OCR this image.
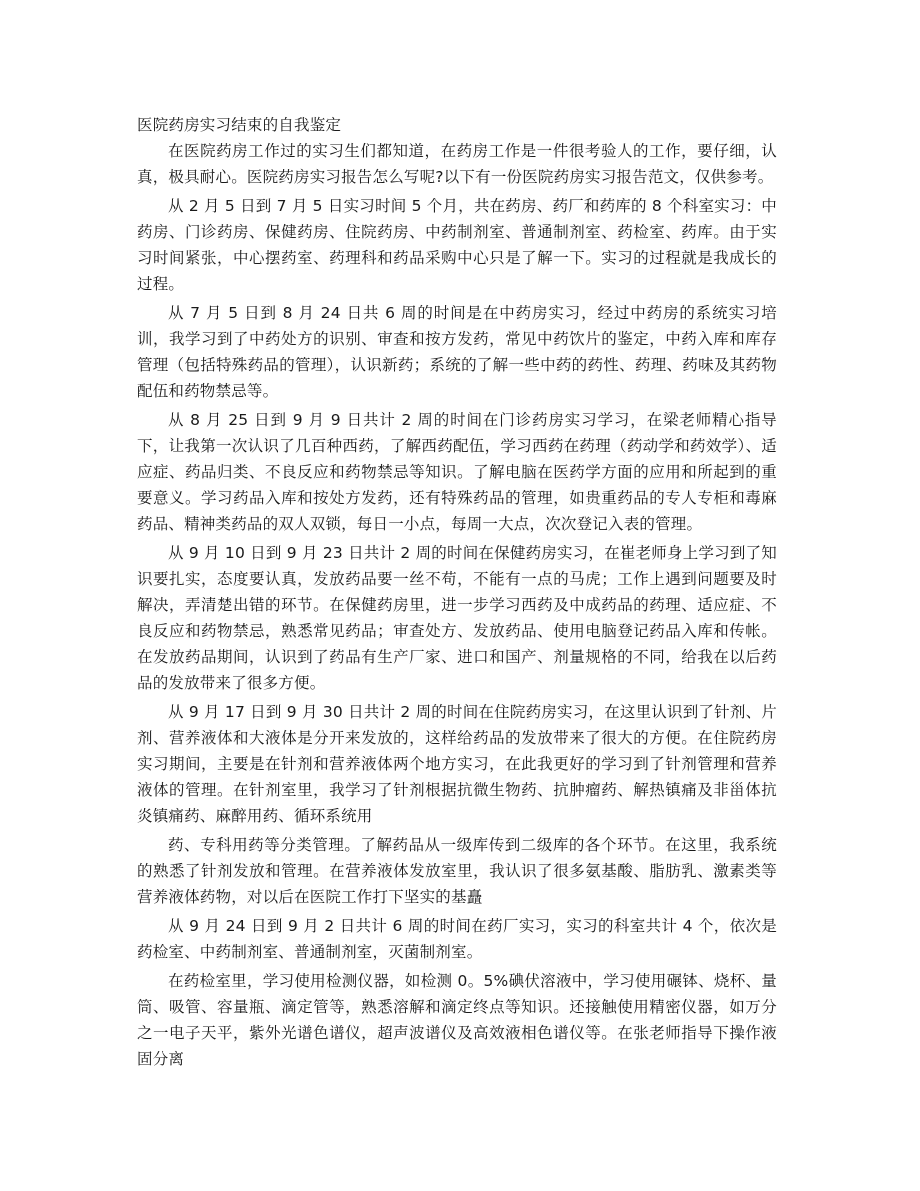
医院药房实习结束的自我鉴定

在医院药房工作过的实习生们都知道，在药房工作是一件很考验人的工作，要仔细，认真，极具耐心。医院药房实习报告怎么写呢?以下有一份医院药房实习报告范文，仅供参考。

从 2 月 5 日到 7 月 5 日实习时间 5 个月，共在药房、药厂和药库的 8 个科室实习：中药房、门诊药房、保健药房、住院药房、中药制剂室、普通制剂室、药检室、药库。由于实习时间紧张，中心摆药室、药理科和药品采购中心只是了解一下。实习的过程就是我成长的过程。

从 7 月 5 日到 8 月 24 日共 6 周的时间是在中药房实习，经过中药房的系统实习培训，我学习到了中药处方的识别、审查和按方发药，常见中药饮片的鉴定，中药入库和库存管理（包括特殊药品的管理），认识新药；系统的了解一些中药的药性、药理、药味及其药物配伍和药物禁忌等。

从 8 月 25 日到 9 月 9 日共计 2 周的时间在门诊药房实习学习，在梁老师精心指导下，让我第一次认识了几百种西药，了解西药配伍，学习西药在药理（药动学和药效学）、适应症、药品归类、不良反应和药物禁忌等知识。了解电脑在医药学方面的应用和所起到的重要意义。学习药品入库和按处方发药，还有特殊药品的管理，如贵重药品的专人专柜和毒麻药品、精神类药品的双人双锁，每日一小点，每周一大点，次次登记入表的管理。

从 9 月 10 日到 9 月 23 日共计 2 周的时间在保健药房实习，在崔老师身上学习到了知识要扎实，态度要认真，发放药品要一丝不苟，不能有一点的马虎；工作上遇到问题要及时解决，弄清楚出错的环节。在保健药房里，进一步学习西药及中成药品的药理、适应症、不良反应和药物禁忌，熟悉常见药品；审查处方、发放药品、使用电脑登记药品入库和传帐。在发放药品期间，认识到了药品有生产厂家、进口和国产、剂量规格的不同，给我在以后药品的发放带来了很多方便。

从 9 月 17 日到 9 月 30 日共计 2 周的时间在住院药房实习，在这里认识到了针剂、片剂、营养液体和大液体是分开来发放的，这样给药品的发放带来了很大的方便。在住院药房实习期间，主要是在针剂和营养液体两个地方实习，在此我更好的学习到了针剂管理和营养液体的管理。在针剂室里，我学习了针剂根据抗微生物药、抗肿瘤药、解热镇痛及非甾体抗炎镇痛药、麻醉用药、循环系统用

药、专科用药等分类管理。了解药品从一级库传到二级库的各个环节。在这里，我系统的熟悉了针剂发放和管理。在营养液体发放室里，我认识了很多氨基酸、脂肪乳、激素类等营养液体药物，对以后在医院工作打下坚实的基矗

从 9 月 24 日到 9 月 2 日共计 6 周的时间在药厂实习，实习的科室共计 4 个，依次是药检室、中药制剂室、普通制剂室，灭菌制剂室。

在药检室里，学习使用检测仪器，如检测 0。5%碘伏溶液中，学习使用碾钵、烧杯、量筒、吸管、容量瓶、滴定管等，熟悉溶解和滴定终点等知识。还接触使用精密仪器，如万分之一电子天平，紫外光谱色谱仪，超声波谱仪及高效液相色谱仪等。在张老师指导下操作液固分离
